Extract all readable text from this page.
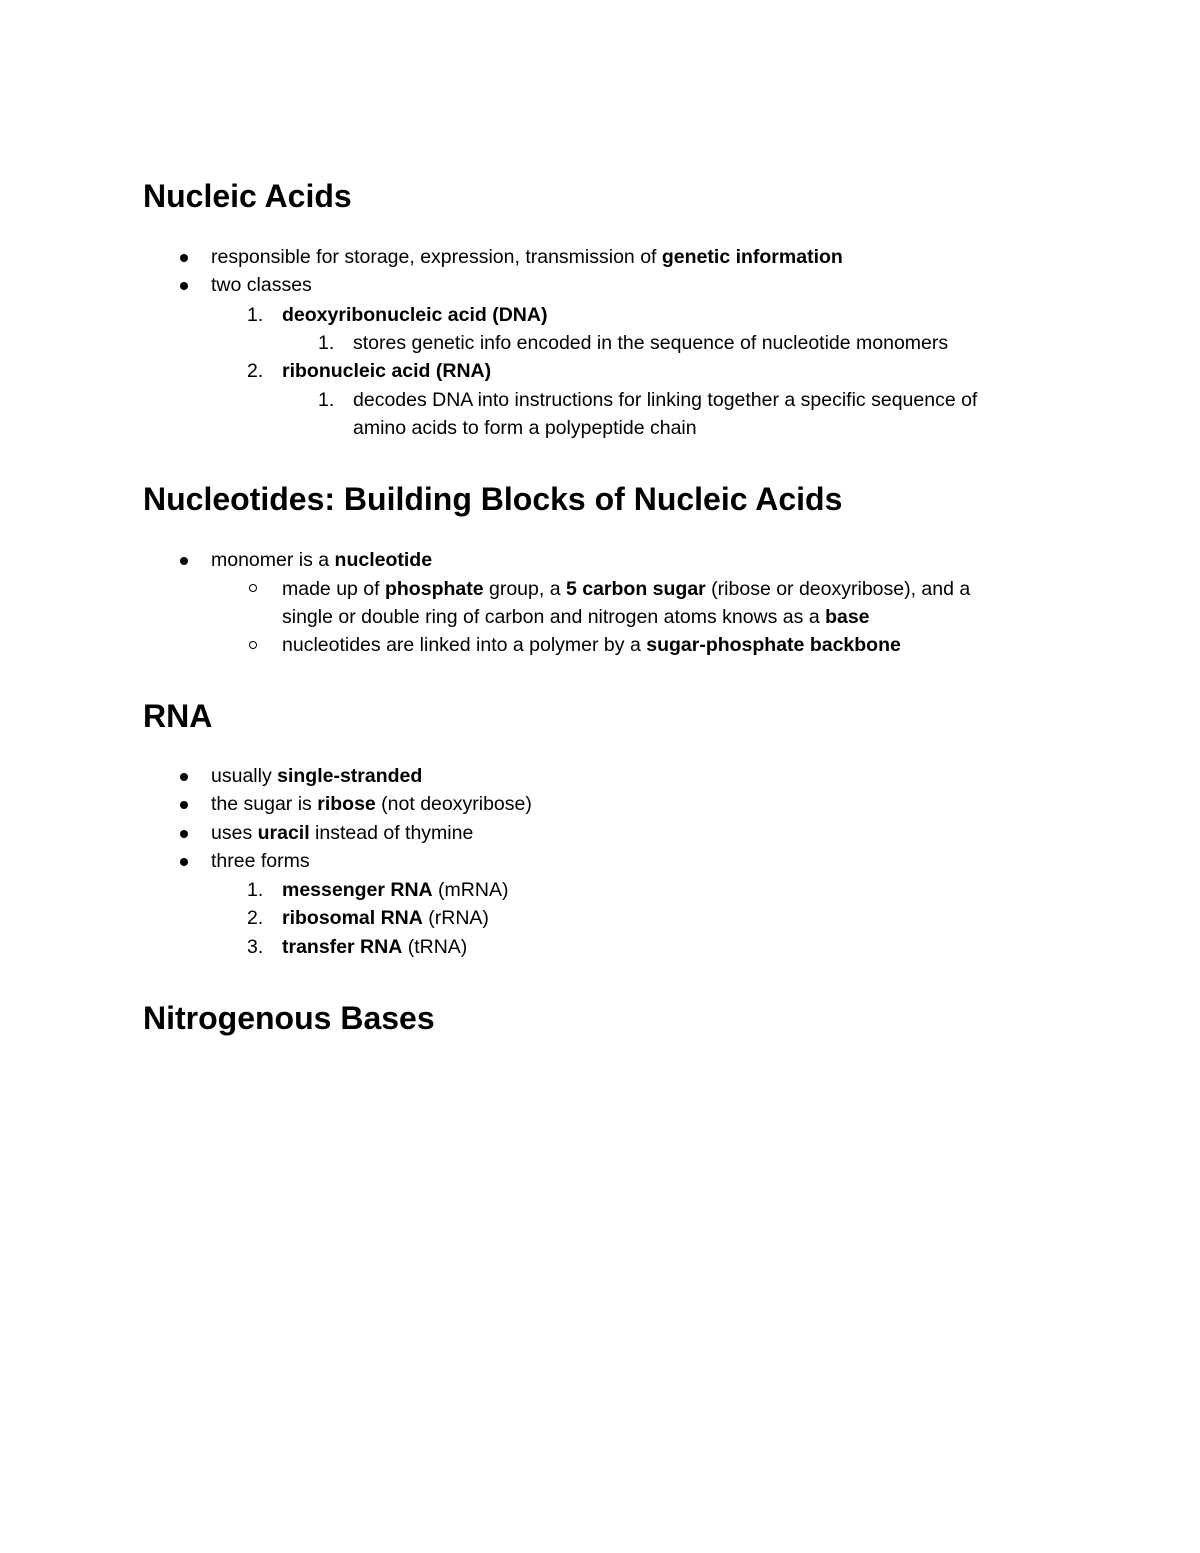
Nucleic Acids
responsible for storage, expression, transmission of genetic information
two classes
1. deoxyribonucleic acid (DNA)
1. stores genetic info encoded in the sequence of nucleotide monomers
2. ribonucleic acid (RNA)
1. decodes DNA into instructions for linking together a specific sequence of
amino acids to form a polypeptide chain
Nucleotides: Building Blocks of Nucleic Acids
monomer is a nucleotide
made up of phosphate group, a 5 carbon sugar (ribose or deoxyribose), and a
single or double ring of carbon and nitrogen atoms knows as a base
nucleotides are linked into a polymer by a sugar-phosphate backbone
RNA
usually single-stranded
the sugar is ribose (not deoxyribose)
uses uracil instead of thymine
three forms
1. messenger RNA (mRNA)
2. ribosomal RNA (rRNA)
3. transfer RNA (tRNA)
Nitrogenous Bases
